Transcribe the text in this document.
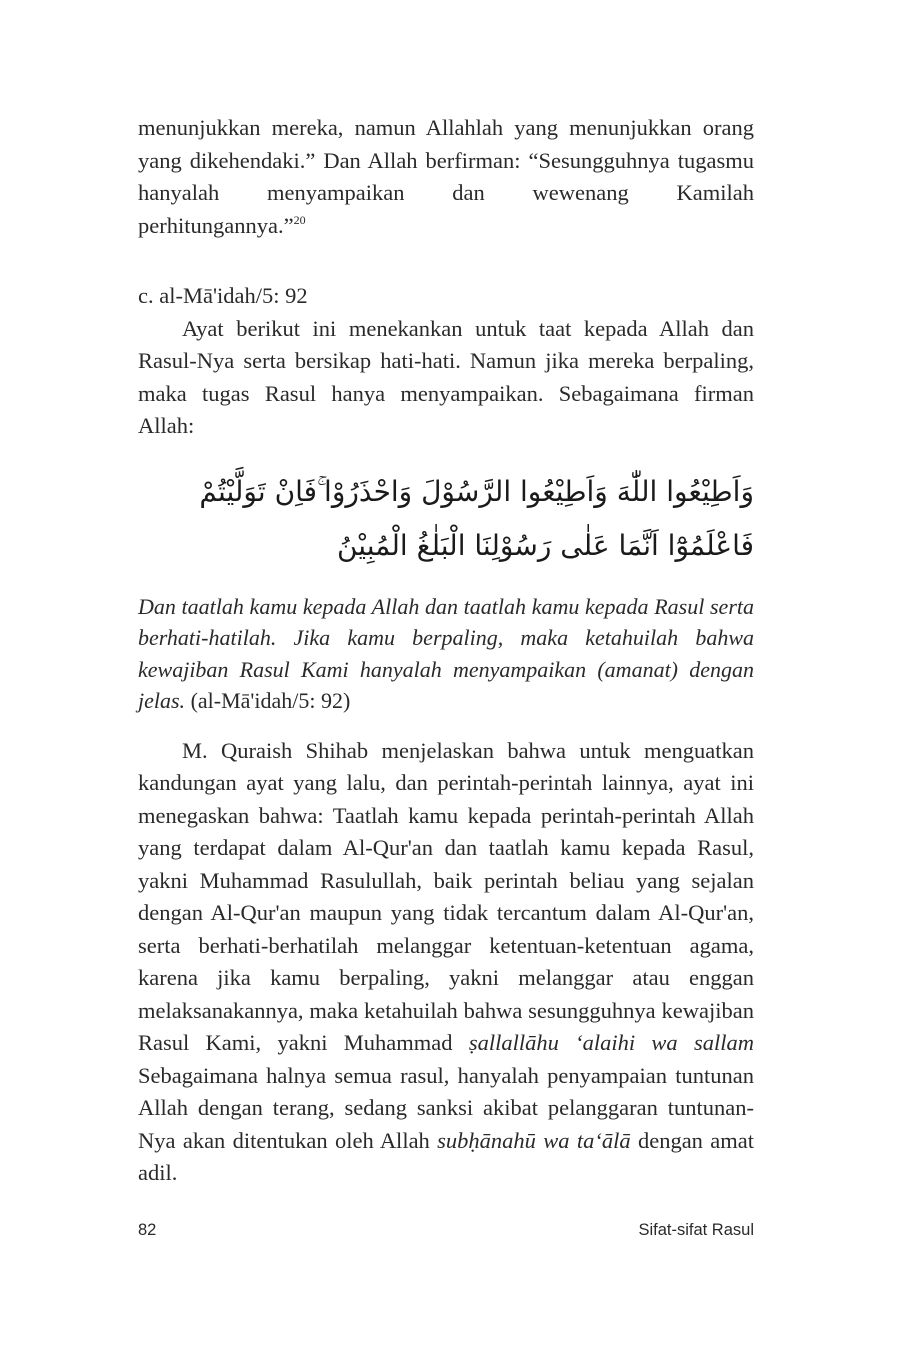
menunjukkan mereka, namun Allahlah yang menunjukkan orang yang dikehendaki.” Dan Allah berfirman: “Sesungguhnya tugasmu hanyalah menyampaikan dan wewenang Kamilah perhitungannya.”$^{20}$

c. al-Mā'idah/5: 92

Ayat berikut ini menekankan untuk taat kepada Allah dan Rasul-Nya serta bersikap hati-hati. Namun jika mereka berpaling, maka tugas Rasul hanya menyampaikan. Sebagaimana firman Allah:

وَاَطِيْعُوا اللّٰهَ وَاَطِيْعُوا الرَّسُوْلَ وَاحْذَرُوْا ۚفَاِنْ تَوَلَّيْتُمْ فَاعْلَمُوْٓا اَنَّمَا عَلٰى رَسُوْلِنَا الْبَلٰغُ الْمُبِيْنُ

Dan taatlah kamu kepada Allah dan taatlah kamu kepada Rasul serta berhati-hatilah. Jika kamu berpaling, maka ketahuilah bahwa kewajiban Rasul Kami hanyalah menyampaikan (amanat) dengan jelas. (al-Mā'idah/5: 92)

M. Quraish Shihab menjelaskan bahwa untuk menguatkan kandungan ayat yang lalu, dan perintah-perintah lainnya, ayat ini menegaskan bahwa: Taatlah kamu kepada perintah-perintah Allah yang terdapat dalam Al-Qur'an dan taatlah kamu kepada Rasul, yakni Muhammad Rasulullah, baik perintah beliau yang sejalan dengan Al-Qur'an maupun yang tidak tercantum dalam Al-Qur'an, serta berhati-berhatilah melanggar ketentuan-ketentuan agama, karena jika kamu berpaling, yakni melanggar atau enggan melaksanakannya, maka ketahuilah bahwa sesungguhnya kewajiban Rasul Kami, yakni Muhammad ṣallallāhu ‘alaihi wa sallam Sebagaimana halnya semua rasul, hanyalah penyampaian tuntunan Allah dengan terang, sedang sanksi akibat pelanggaran tuntunan-Nya akan ditentukan oleh Allah subḥānahū wa ta‘ālā dengan amat adil.

82	Sifat-sifat Rasul
